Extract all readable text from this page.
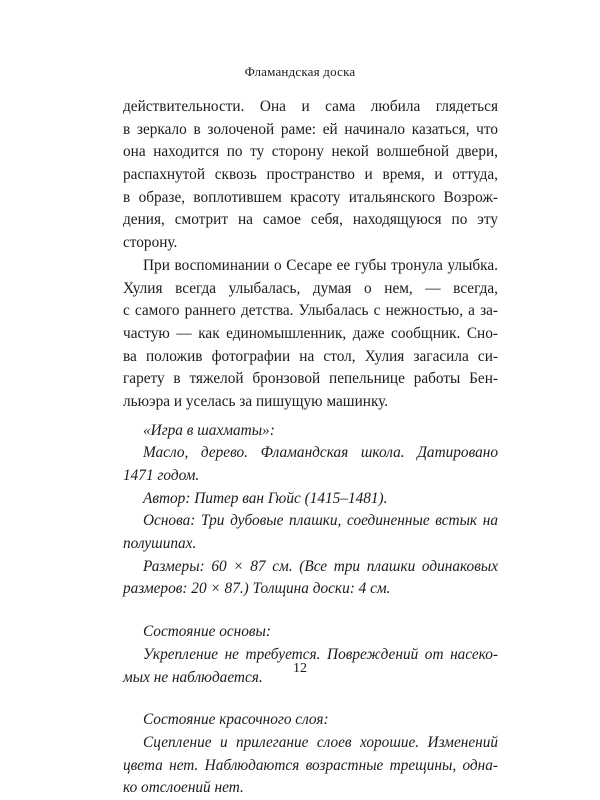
Фламандская доска
действительности. Она и сама любила глядеться
в зеркало в золоченой раме: ей начинало казаться, что
она находится по ту сторону некой волшебной двери,
распахнутой сквозь пространство и время, и оттуда,
в образе, воплотившем красоту итальянского Возрож-
дения, смотрит на самое себя, находящуюся по эту
сторону.
При воспоминании о Сесаре ее губы тронула улыбка.
Хулия всегда улыбалась, думая о нем, — всегда,
с самого раннего детства. Улыбалась с нежностью, а за-
частую — как единомышленник, даже сообщник. Сно-
ва положив фотографии на стол, Хулия загасила си-
гарету в тяжелой бронзовой пепельнице работы Бен-
льюэра и уселась за пишущую машинку.
«Игра в шахматы»:
Масло, дерево. Фламандская школа. Датировано
1471 годом.
Автор: Питер ван Гюйс (1415–1481).
Основа: Три дубовые плашки, соединенные встык на
полушипах.
Размеры: 60 × 87 см. (Все три плашки одинаковых
размеров: 20 × 87.) Толщина доски: 4 см.
Состояние основы:
Укрепление не требуется. Повреждений от насеко-
мых не наблюдается.
Состояние красочного слоя:
Сцепление и прилегание слоев хорошие. Изменений
цвета нет. Наблюдаются возрастные трещины, одна-
ко отслоений нет.
12
